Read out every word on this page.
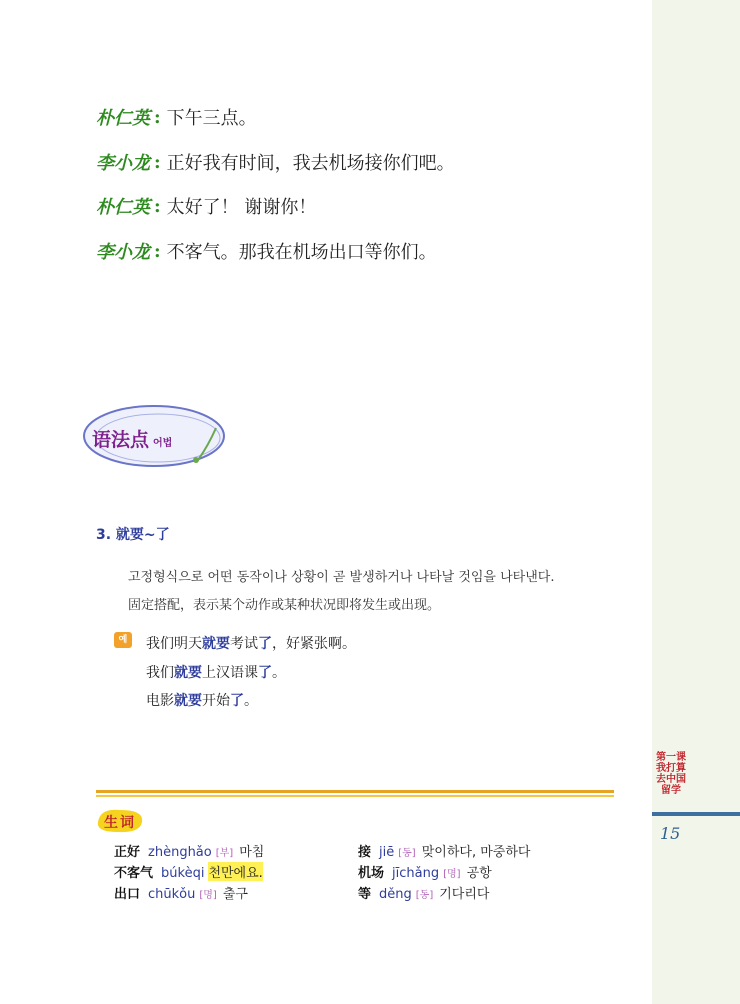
第一课 我打算去中国留学
15
朴仁英 : 下午三点。
李小龙 : 正好我有时间，我去机场接你们吧。
朴仁英 : 太好了！ 谢谢你！
李小龙 : 不客气。那我在机场出口等你们。
语法点 어법
3. 就要~了
고정형식으로 어떤 동작이나 상황이 곧 발생하거나 나타날 것임을 나타낸다.
固定搭配，表示某个动作或某种状况即将发生或出现。
예	我们明天就要考试了，好紧张啊。
我们就要上汉语课了。
电影就要开始了。
生词
正好 zhènghǎo [부] 마침
不客气 búkèqi 천만에요.
出口 chūkǒu [명] 출구
接 jiē [동] 맞이하다, 마중하다
机场 jīchǎng [명] 공항
等 děng [동] 기다리다
